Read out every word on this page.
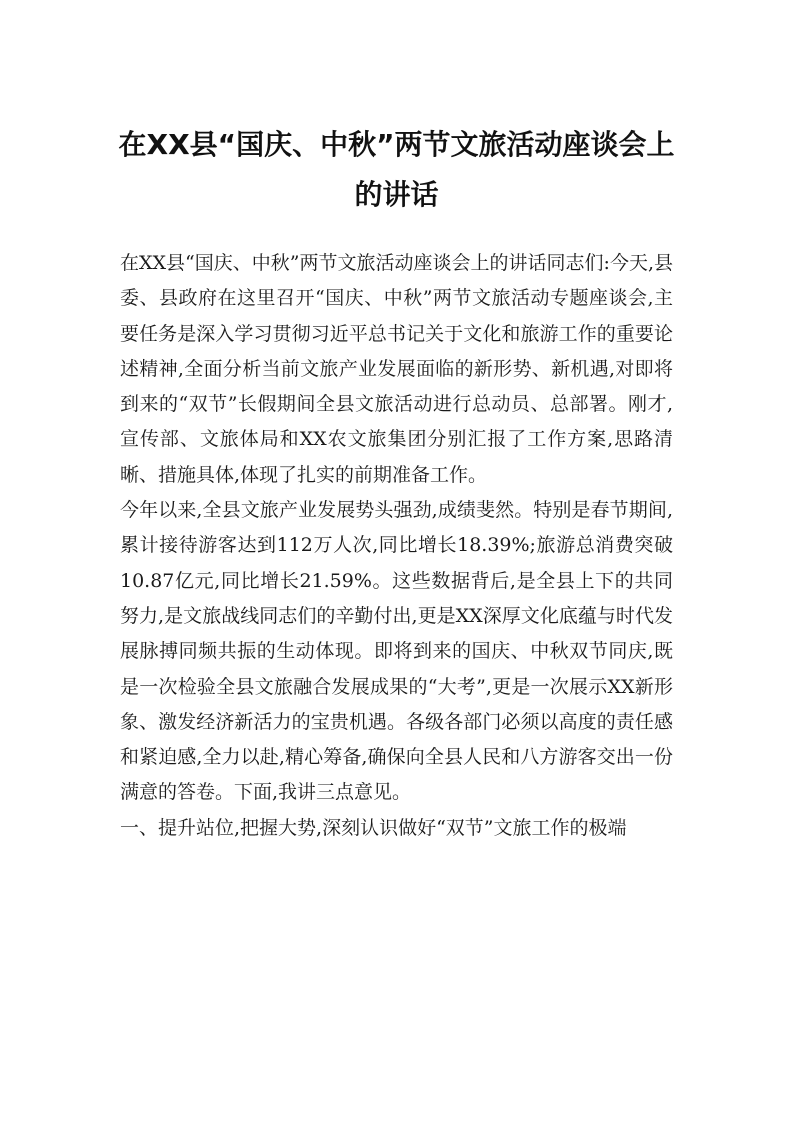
在XX县“国庆、中秋”两节文旅活动座谈会上的讲话

在XX县“国庆、中秋”两节文旅活动座谈会上的讲话同志们:今天,县委、县政府在这里召开“国庆、中秋”两节文旅活动专题座谈会,主要任务是深入学习贯彻习近平总书记关于文化和旅游工作的重要论述精神,全面分析当前文旅产业发展面临的新形势、新机遇,对即将到来的“双节”长假期间全县文旅活动进行总动员、总部署。刚才,宣传部、文旅体局和XX农文旅集团分别汇报了工作方案,思路清晰、措施具体,体现了扎实的前期准备工作。

今年以来,全县文旅产业发展势头强劲,成绩斐然。特别是春节期间,累计接待游客达到112万人次,同比增长18.39%;旅游总消费突破10.87亿元,同比增长21.59%。这些数据背后,是全县上下的共同努力,是文旅战线同志们的辛勤付出,更是XX深厚文化底蕴与时代发展脉搏同频共振的生动体现。即将到来的国庆、中秋双节同庆,既是一次检验全县文旅融合发展成果的“大考”,更是一次展示XX新形象、激发经济新活力的宝贵机遇。各级各部门必须以高度的责任感和紧迫感,全力以赴,精心筹备,确保向全县人民和八方游客交出一份满意的答卷。下面,我讲三点意见。

一、提升站位,把握大势,深刻认识做好“双节”文旅工作的极端
